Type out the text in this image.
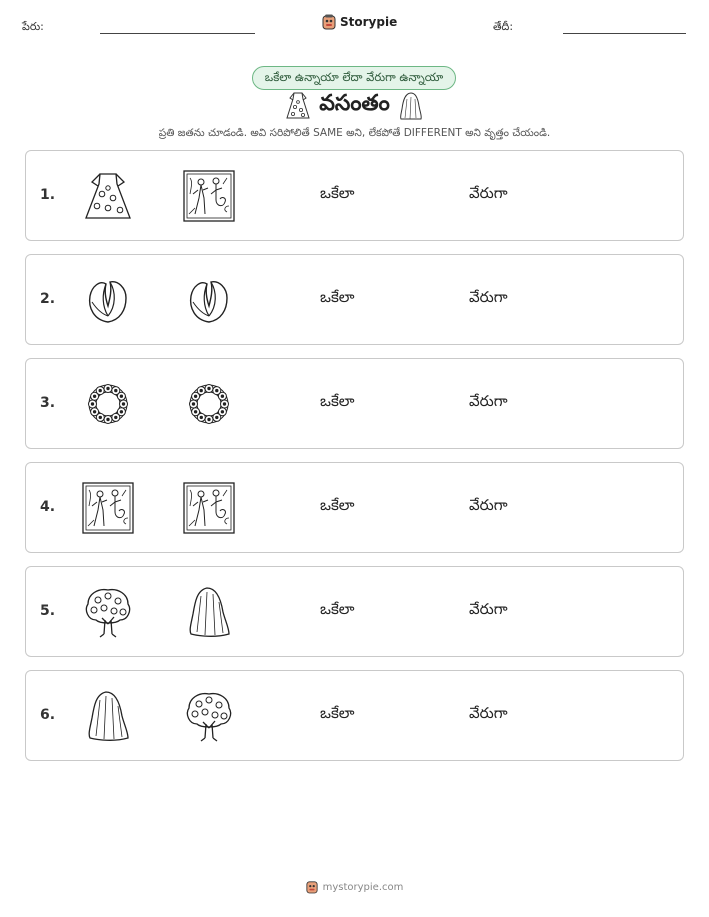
పేరు:	Storypie	తేదీ:
ఒకేలా ఉన్నాయా లేదా వేరుగా ఉన్నాయా
వసంతం
ప్రతి జతను చూడండి. అవి సరిపోలితే SAME అని, లేకపోతే DIFFERENT అని వృత్తం చేయండి.
1.	ఒకేలా	వేరుగా
2.	ఒకేలా	వేరుగా
3.	ఒకేలా	వేరుగా
4.	ఒకేలా	వేరుగా
5.	ఒకేలా	వేరుగా
6.	ఒకేలా	వేరుగా
mystorypie.com
